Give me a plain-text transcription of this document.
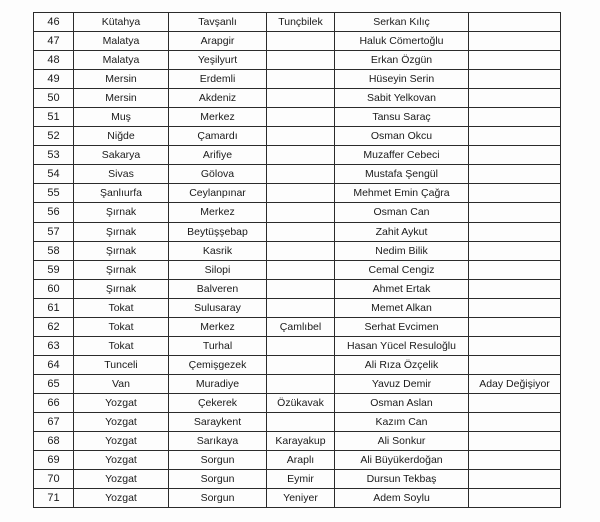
46	Kütahya	Tavşanlı	Tunçbilek	Serkan Kılıç	
47	Malatya	Arapgir		Haluk Cömertoğlu	
48	Malatya	Yeşilyurt		Erkan Özgün	
49	Mersin	Erdemli		Hüseyin Serin	
50	Mersin	Akdeniz		Sabit Yelkovan	
51	Muş	Merkez		Tansu Saraç	
52	Niğde	Çamardı		Osman Okcu	
53	Sakarya	Arifiye		Muzaffer Cebeci	
54	Sivas	Gölova		Mustafa Şengül	
55	Şanlıurfa	Ceylanpınar		Mehmet Emin Çağra	
56	Şırnak	Merkez		Osman Can	
57	Şırnak	Beytüşşebap		Zahit Aykut	
58	Şırnak	Kasrik		Nedim Bilik	
59	Şırnak	Silopi		Cemal Cengiz	
60	Şırnak	Balveren		Ahmet Ertak	
61	Tokat	Sulusaray		Memet Alkan	
62	Tokat	Merkez	Çamlıbel	Serhat Evcimen	
63	Tokat	Turhal		Hasan Yücel Resuloğlu	
64	Tunceli	Çemişgezek		Ali Rıza Özçelik	
65	Van	Muradiye		Yavuz Demir	Aday Değişiyor
66	Yozgat	Çekerek	Özükavak	Osman Aslan	
67	Yozgat	Saraykent		Kazım Can	
68	Yozgat	Sarıkaya	Karayakup	Ali Sonkur	
69	Yozgat	Sorgun	Araplı	Ali Büyükerdoğan	
70	Yozgat	Sorgun	Eymir	Dursun Tekbaş	
71	Yozgat	Sorgun	Yeniyer	Adem Soylu	
